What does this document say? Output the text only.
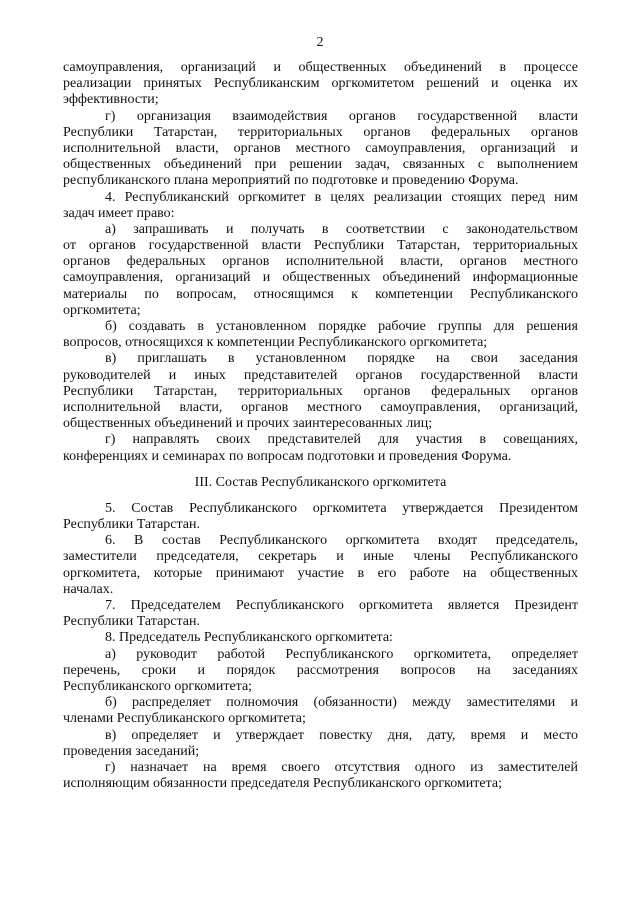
2
самоуправления, организаций и общественных объединений в процессе
реализации принятых Республиканским оргкомитетом решений и оценка их
эффективности;
г) организация взаимодействия органов государственной власти
Республики Татарстан, территориальных органов федеральных органов
исполнительной власти, органов местного самоуправления, организаций и
общественных объединений при решении задач, связанных с выполнением
республиканского плана мероприятий по подготовке и проведению Форума.
4. Республиканский оргкомитет в целях реализации стоящих перед ним
задач имеет право:
а) запрашивать и получать в соответствии с законодательством
от органов государственной власти Республики Татарстан, территориальных
органов федеральных органов исполнительной власти, органов местного
самоуправления, организаций и общественных объединений информационные
материалы по вопросам, относящимся к компетенции Республиканского
оргкомитета;
б) создавать в установленном порядке рабочие группы для решения
вопросов, относящихся к компетенции Республиканского оргкомитета;
в) приглашать в установленном порядке на свои заседания
руководителей и иных представителей органов государственной власти
Республики Татарстан, территориальных органов федеральных органов
исполнительной власти, органов местного самоуправления, организаций,
общественных объединений и прочих заинтересованных лиц;
г) направлять своих представителей для участия в совещаниях,
конференциях и семинарах по вопросам подготовки и проведения Форума.
III. Состав Республиканского оргкомитета
5. Состав Республиканского оргкомитета утверждается Президентом
Республики Татарстан.
6. В состав Республиканского оргкомитета входят председатель,
заместители председателя, секретарь и иные члены Республиканского
оргкомитета, которые принимают участие в его работе на общественных
началах.
7. Председателем Республиканского оргкомитета является Президент
Республики Татарстан.
8. Председатель Республиканского оргкомитета:
а) руководит работой Республиканского оргкомитета, определяет
перечень, сроки и порядок рассмотрения вопросов на заседаниях
Республиканского оргкомитета;
б) распределяет полномочия (обязанности) между заместителями и
членами Республиканского оргкомитета;
в) определяет и утверждает повестку дня, дату, время и место
проведения заседаний;
г) назначает на время своего отсутствия одного из заместителей
исполняющим обязанности председателя Республиканского оргкомитета;
